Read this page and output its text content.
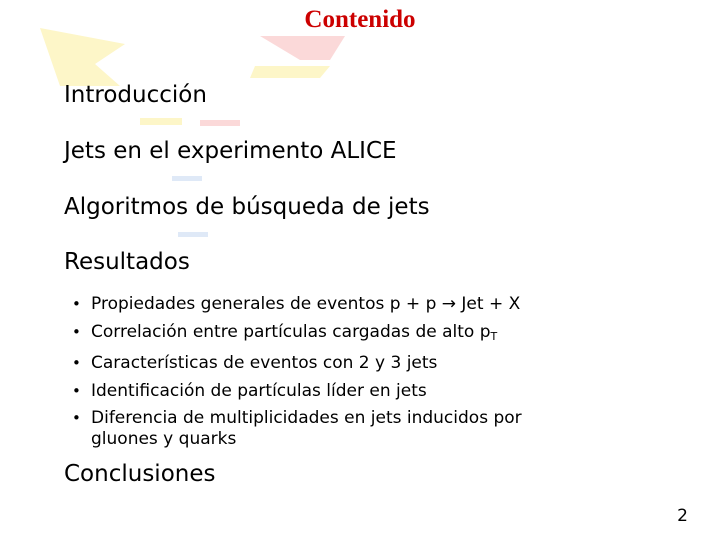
Contenido
Introducción
Jets en el experimento ALICE
Algoritmos de búsqueda de jets
Resultados
• Propiedades generales de eventos p + p → Jet + X
• Correlación entre partículas cargadas de alto $p_T$
• Características de eventos con 2 y 3 jets
• Identificación de partículas líder en jets
• Diferencia de multiplicidades en jets inducidos por
gluones y quarks
Conclusiones
2
